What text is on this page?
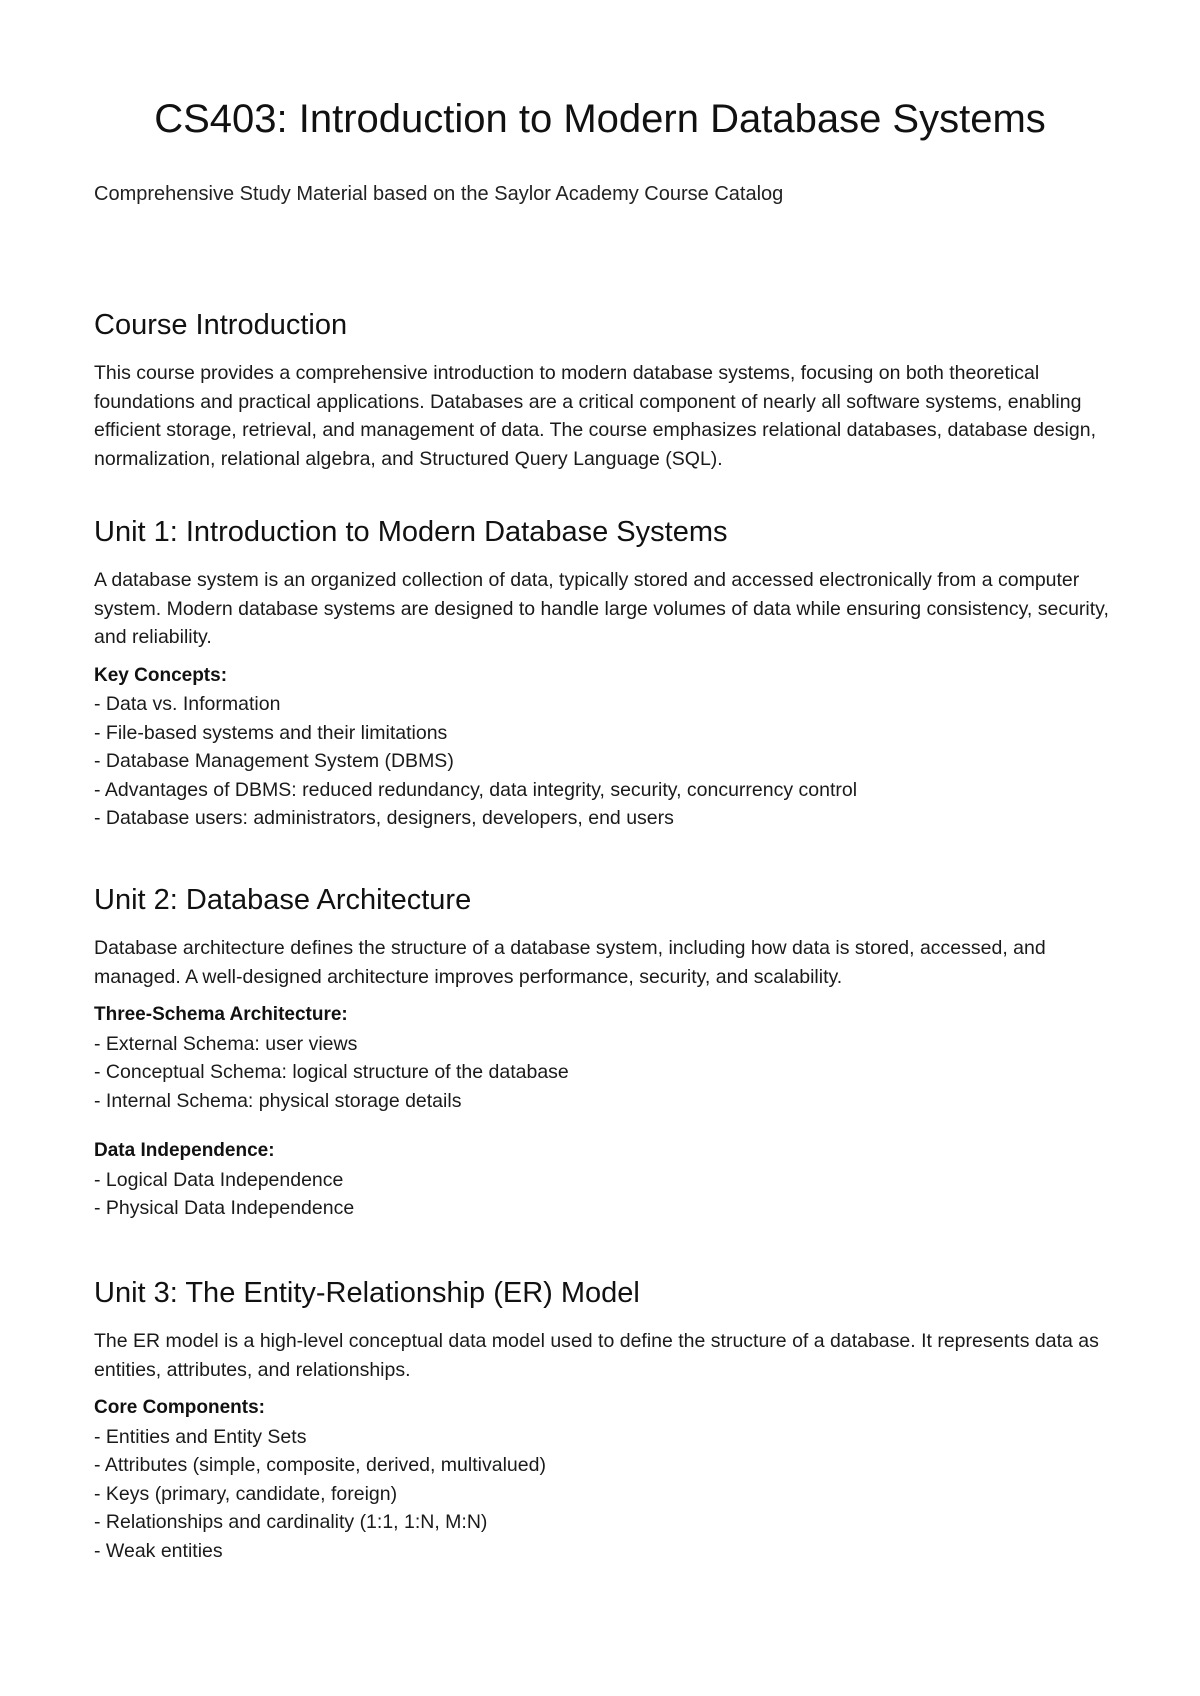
CS403: Introduction to Modern Database Systems

Comprehensive Study Material based on the Saylor Academy Course Catalog

Course Introduction

This course provides a comprehensive introduction to modern database systems, focusing on both theoretical foundations and practical applications. Databases are a critical component of nearly all software systems, enabling efficient storage, retrieval, and management of data. The course emphasizes relational databases, database design, normalization, relational algebra, and Structured Query Language (SQL).

Unit 1: Introduction to Modern Database Systems

A database system is an organized collection of data, typically stored and accessed electronically from a computer system. Modern database systems are designed to handle large volumes of data while ensuring consistency, security, and reliability.

Key Concepts:
- Data vs. Information
- File-based systems and their limitations
- Database Management System (DBMS)
- Advantages of DBMS: reduced redundancy, data integrity, security, concurrency control
- Database users: administrators, designers, developers, end users
Unit 2: Database Architecture

Database architecture defines the structure of a database system, including how data is stored, accessed, and managed. A well-designed architecture improves performance, security, and scalability.

Three-Schema Architecture:
- External Schema: user views
- Conceptual Schema: logical structure of the database
- Internal Schema: physical storage details
Data Independence:
- Logical Data Independence
- Physical Data Independence
Unit 3: The Entity-Relationship (ER) Model

The ER model is a high-level conceptual data model used to define the structure of a database. It represents data as entities, attributes, and relationships.

Core Components:
- Entities and Entity Sets
- Attributes (simple, composite, derived, multivalued)
- Keys (primary, candidate, foreign)
- Relationships and cardinality (1:1, 1:N, M:N)
- Weak entities
